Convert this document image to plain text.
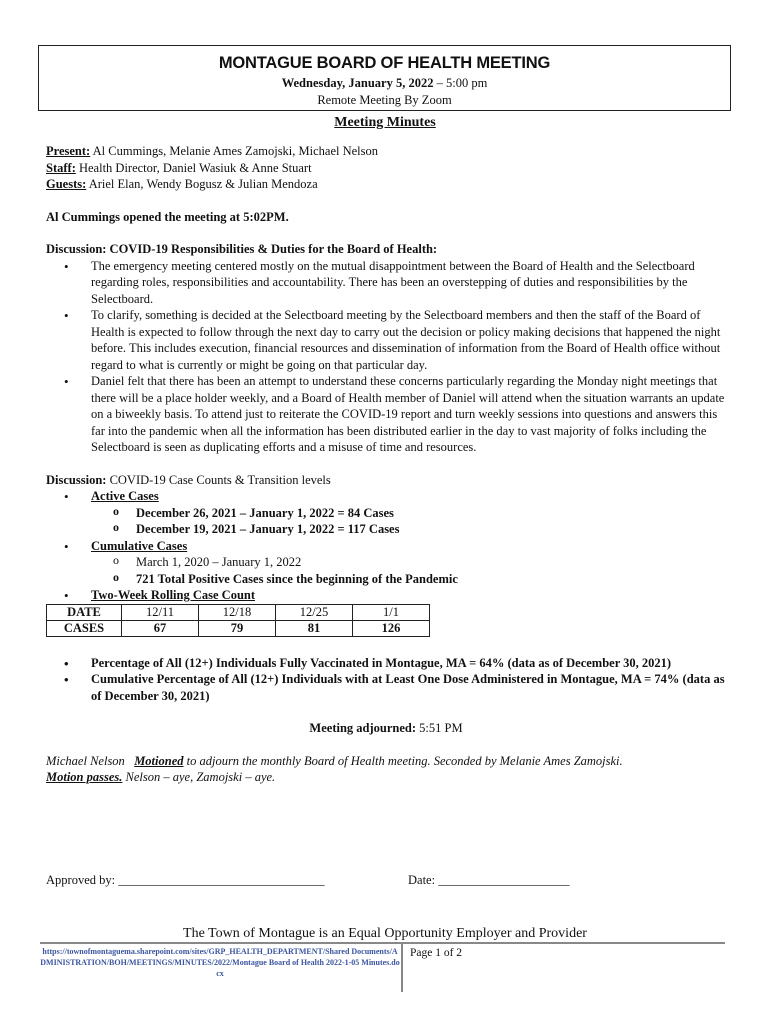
MONTAGUE BOARD OF HEALTH MEETING
Wednesday, January 5, 2022 – 5:00 pm
Remote Meeting By Zoom
Meeting Minutes

Present: Al Cummings, Melanie Ames Zamojski, Michael Nelson

Staff: Health Director, Daniel Wasiuk & Anne Stuart

Guests: Ariel Elan, Wendy Bogusz & Julian Mendoza

Al Cummings opened the meeting at 5:02PM.

Discussion: COVID-19 Responsibilities & Duties for the Board of Health:

• The emergency meeting centered mostly on the mutual disappointment between the Board of Health and the Selectboard regarding roles, responsibilities and accountability. There has been an overstepping of duties and responsibilities by the Selectboard.
• To clarify, something is decided at the Selectboard meeting by the Selectboard members and then the staff of the Board of Health is expected to follow through the next day to carry out the decision or policy making decisions that happened the night before. This includes execution, financial resources and dissemination of information from the Board of Health office without regard to what is currently or might be going on that particular day.
• Daniel felt that there has been an attempt to understand these concerns particularly regarding the Monday night meetings that there will be a place holder weekly, and a Board of Health member of Daniel will attend when the situation warrants an update on a biweekly basis. To attend just to reiterate the COVID-19 report and turn weekly sessions into questions and answers this far into the pandemic when all the information has been distributed earlier in the day to vast majority of folks including the Selectboard is seen as duplicating efforts and a misuse of time and resources.

Discussion: COVID-19 Case Counts & Transition levels

• Active Cases
o December 26, 2021 – January 1, 2022 = 84 Cases
o December 19, 2021 – January 1, 2022 = 117 Cases
• Cumulative Cases
o March 1, 2020 – January 1, 2022
o 721 Total Positive Cases since the beginning of the Pandemic
• Two-Week Rolling Case Count
DATE	12/11	12/18	12/25	1/1
CASES	67	79	81	126
• Percentage of All (12+) Individuals Fully Vaccinated in Montague, MA = 64% (data as of December 30, 2021)
• Cumulative Percentage of All (12+) Individuals with at Least One Dose Administered in Montague, MA = 74% (data as of December 30, 2021)

Meeting adjourned: 5:51 PM

Michael Nelson   Motioned to adjourn the monthly Board of Health meeting. Seconded by Melanie Ames Zamojski.

Motion passes. Nelson – aye, Zamojski – aye.

Approved by: _________________________________	Date: _____________________
The Town of Montague is an Equal Opportunity Employer and Provider
https://townofmontaguema.sharepoint.com/sites/GRP_HEALTH_DEPARTMENT/Shared Documents/ADMINISTRATION/BOH/MEETINGS/MINUTES/2022/Montague Board of Health 2022-1-05 Minutes.docx
Page 1 of 2
